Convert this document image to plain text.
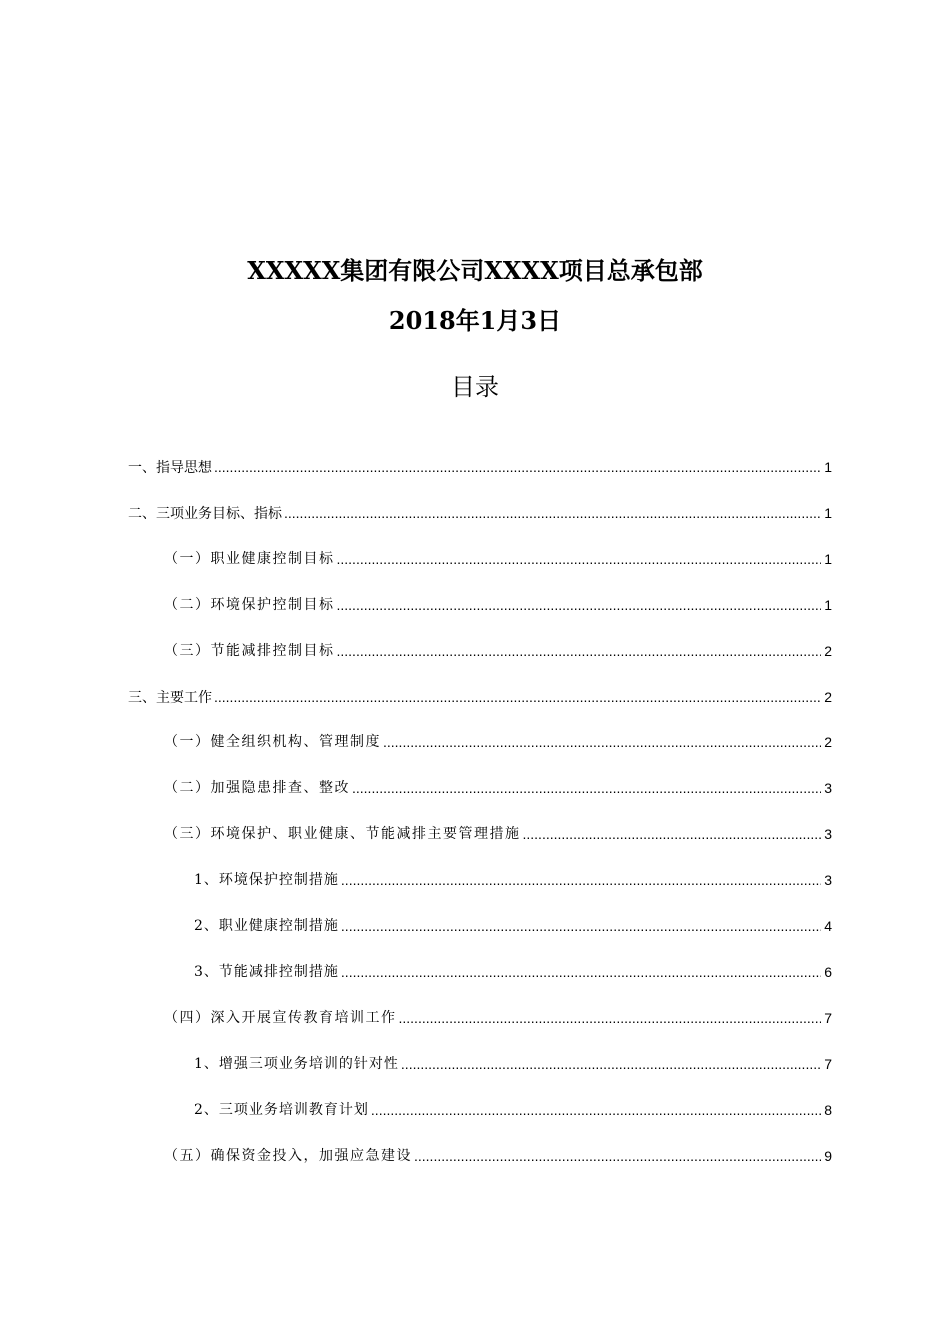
XXXXX集团有限公司XXXX项目总承包部
2018年1月3日
目录
一、指导思想 .....	1
二、三项业务目标、指标 .....	1
（一）职业健康控制目标 .....	1
（二）环境保护控制目标 .....	1
（三）节能减排控制目标 .....	2
三、主要工作 .....	2
（一）健全组织机构、管理制度 .....	2
（二）加强隐患排查、整改 .....	3
（三）环境保护、职业健康、节能减排主要管理措施 .....	3
1、环境保护控制措施 .....	3
2、职业健康控制措施 .....	4
3、节能减排控制措施 .....	6
（四）深入开展宣传教育培训工作 .....	7
1、增强三项业务培训的针对性 .....	7
2、三项业务培训教育计划 .....	8
（五）确保资金投入，加强应急建设 .....	9
